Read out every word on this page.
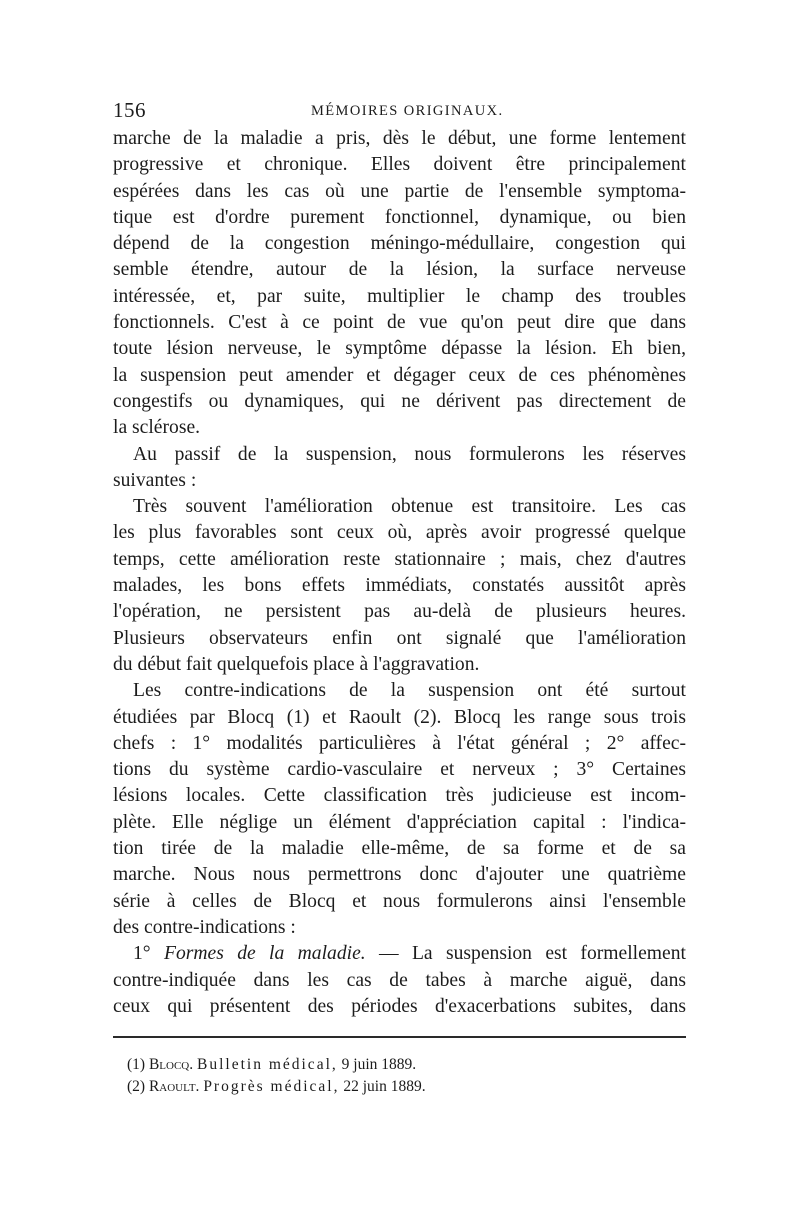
156	MÉMOIRES ORIGINAUX.
marche de la maladie a pris, dès le début, une forme lentement
progressive et chronique. Elles doivent être principalement
espérées dans les cas où une partie de l'ensemble symptoma-
tique est d'ordre purement fonctionnel, dynamique, ou bien
dépend de la congestion méningo-médullaire, congestion qui
semble étendre, autour de la lésion, la surface nerveuse
intéressée, et, par suite, multiplier le champ des troubles
fonctionnels. C'est à ce point de vue qu'on peut dire que dans
toute lésion nerveuse, le symptôme dépasse la lésion. Eh bien,
la suspension peut amender et dégager ceux de ces phénomènes
congestifs ou dynamiques, qui ne dérivent pas directement de
la sclérose.
Au passif de la suspension, nous formulerons les réserves
suivantes :
Très souvent l'amélioration obtenue est transitoire. Les cas
les plus favorables sont ceux où, après avoir progressé quelque
temps, cette amélioration reste stationnaire ; mais, chez d'autres
malades, les bons effets immédiats, constatés aussitôt après
l'opération, ne persistent pas au-delà de plusieurs heures.
Plusieurs observateurs enfin ont signalé que l'amélioration
du début fait quelquefois place à l'aggravation.
Les contre-indications de la suspension ont été surtout
étudiées par Blocq (1) et Raoult (2). Blocq les range sous trois
chefs : 1° modalités particulières à l'état général ; 2° affec-
tions du système cardio-vasculaire et nerveux ; 3° Certaines
lésions locales. Cette classification très judicieuse est incom-
plète. Elle néglige un élément d'appréciation capital : l'indica-
tion tirée de la maladie elle-même, de sa forme et de sa
marche. Nous nous permettrons donc d'ajouter une quatrième
série à celles de Blocq et nous formulerons ainsi l'ensemble
des contre-indications :
1° Formes de la maladie. — La suspension est formellement
contre-indiquée dans les cas de tabes à marche aiguë, dans
ceux qui présentent des périodes d'exacerbations subites, dans
(1) Blocq. Bulletin médical, 9 juin 1889.
(2) Raoult. Progrès médical, 22 juin 1889.
